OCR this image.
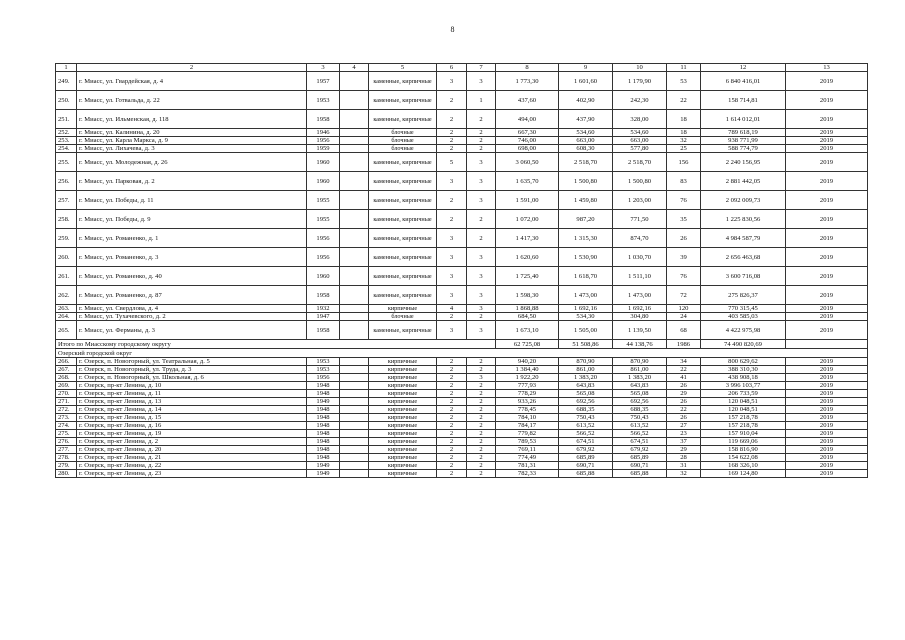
8
1	2	3	4	5	6	7	8	9	10	11	12	13
249.	г. Миасс, ул. Гвардейская, д. 4	1957		каменные, кирпичные	3	3	1 773,30	1 601,60	1 179,90	53	6 840 416,01	2019
250.	г. Миасс, ул. Готвальда, д. 22	1953		каменные, кирпичные	2	1	437,60	402,90	242,30	22	158 714,81	2019
251.	г. Миасс, ул. Ильменская, д. 118	1958		каменные, кирпичные	2	2	494,00	437,90	328,00	18	1 614 012,01	2019
252.	г. Миасс, ул. Калинина, д. 20	1946		блочные	2	2	667,30	534,60	534,60	18	789 618,19	2019
253.	г. Миасс, ул. Карла Маркса, д. 9	1956		блочные	2	2	746,00	663,00	663,00	32	938 771,99	2019
254.	г. Миасс, ул. Лихачева, д. 3	1959		блочные	2	2	698,00	608,30	577,80	25	588 774,79	2019
255.	г. Миасс, ул. Молодежная, д. 26	1960		каменные, кирпичные	5	3	3 060,50	2 518,70	2 518,70	156	2 240 156,95	2019
256.	г. Миасс, ул. Парковая, д. 2	1960		каменные, кирпичные	3	3	1 635,70	1 500,80	1 500,80	83	2 881 442,05	2019
257.	г. Миасс, ул. Победы, д. 11	1955		каменные, кирпичные	2	3	1 591,00	1 459,80	1 203,00	76	2 092 009,73	2019
258.	г. Миасс, ул. Победы, д. 9	1955		каменные, кирпичные	2	2	1 072,00	987,20	771,50	35	1 225 830,56	2019
259.	г. Миасс, ул. Романенко, д. 1	1956		каменные, кирпичные	3	2	1 417,30	1 315,30	874,70	26	4 984 587,79	2019
260.	г. Миасс, ул. Романенко, д. 3	1956		каменные, кирпичные	3	3	1 620,60	1 530,90	1 030,70	39	2 656 463,68	2019
261.	г. Миасс, ул. Романенко, д. 40	1960		каменные, кирпичные	3	3	1 725,40	1 618,70	1 511,10	76	3 600 716,08	2019
262.	г. Миасс, ул. Романенко, д. 87	1958		каменные, кирпичные	3	3	1 598,30	1 473,00	1 473,00	72	275 826,37	2019
263.	г. Миасс, ул. Свердлова, д. 4	1932		кирпичные	4	3	1 868,88	1 692,16	1 692,16	120	770 315,45	2019
264.	г. Миасс, ул. Тухачевского, д. 2	1947		блочные	2	2	684,50	534,30	304,80	24	403 585,03	2019
265.	г. Миасс, ул. Ферманы, д. 3	1958		каменные, кирпичные	3	3	1 673,10	1 505,00	1 139,50	68	4 422 975,98	2019
Итого по Миасскому городскому округу							62 725,08	51 508,86	44 138,76	1986	74 490 820,69	
Озерский городской округ												
266.	г. Озерск, п. Новогорный, ул. Театральная, д. 5	1953		кирпичные	2	2	940,20	870,90	870,90	34	800 629,62	2019
267.	г. Озерск, п. Новогорный, ул. Труда, д. 3	1953		кирпичные	2	2	1 384,40	861,00	861,00	22	388 310,30	2019
268.	г. Озерск, п. Новогорный, ул. Школьная, д. 6	1956		кирпичные	2	3	1 922,20	1 383,20	1 383,20	41	438 908,18	2019
269.	г. Озерск, пр-кт Ленина, д. 10	1948		кирпичные	2	2	777,93	643,83	643,83	26	3 996 103,77	2019
270.	г. Озерск, пр-кт Ленина, д. 11	1948		кирпичные	2	2	778,29	565,08	565,08	29	206 733,59	2019
271.	г. Озерск, пр-кт Ленина, д. 13	1949		кирпичные	2	2	933,26	692,56	692,56	26	120 048,51	2019
272.	г. Озерск, пр-кт Ленина, д. 14	1948		кирпичные	2	2	778,45	688,35	688,35	22	120 048,51	2019
273.	г. Озерск, пр-кт Ленина, д. 15	1948		кирпичные	2	2	784,10	750,43	750,43	26	157 218,78	2019
274.	г. Озерск, пр-кт Ленина, д. 16	1948		кирпичные	2	2	784,17	613,52	613,52	27	157 218,78	2019
275.	г. Озерск, пр-кт Ленина, д. 19	1948		кирпичные	2	2	779,82	566,52	566,52	23	157 910,04	2019
276.	г. Озерск, пр-кт Ленина, д. 2	1948		кирпичные	2	2	789,53	674,51	674,51	37	119 669,06	2019
277.	г. Озерск, пр-кт Ленина, д. 20	1948		кирпичные	2	2	769,11	679,92	679,92	29	158 816,90	2019
278.	г. Озерск, пр-кт Ленина, д. 21	1948		кирпичные	2	2	774,49	685,89	685,89	28	154 622,08	2019
279.	г. Озерск, пр-кт Ленина, д. 22	1949		кирпичные	2	2	781,31	690,71	690,71	31	168 326,10	2019
280.	г. Озерск, пр-кт Ленина, д. 23	1949		кирпичные	2	2	782,33	685,88	685,88	32	169 124,80	2019
